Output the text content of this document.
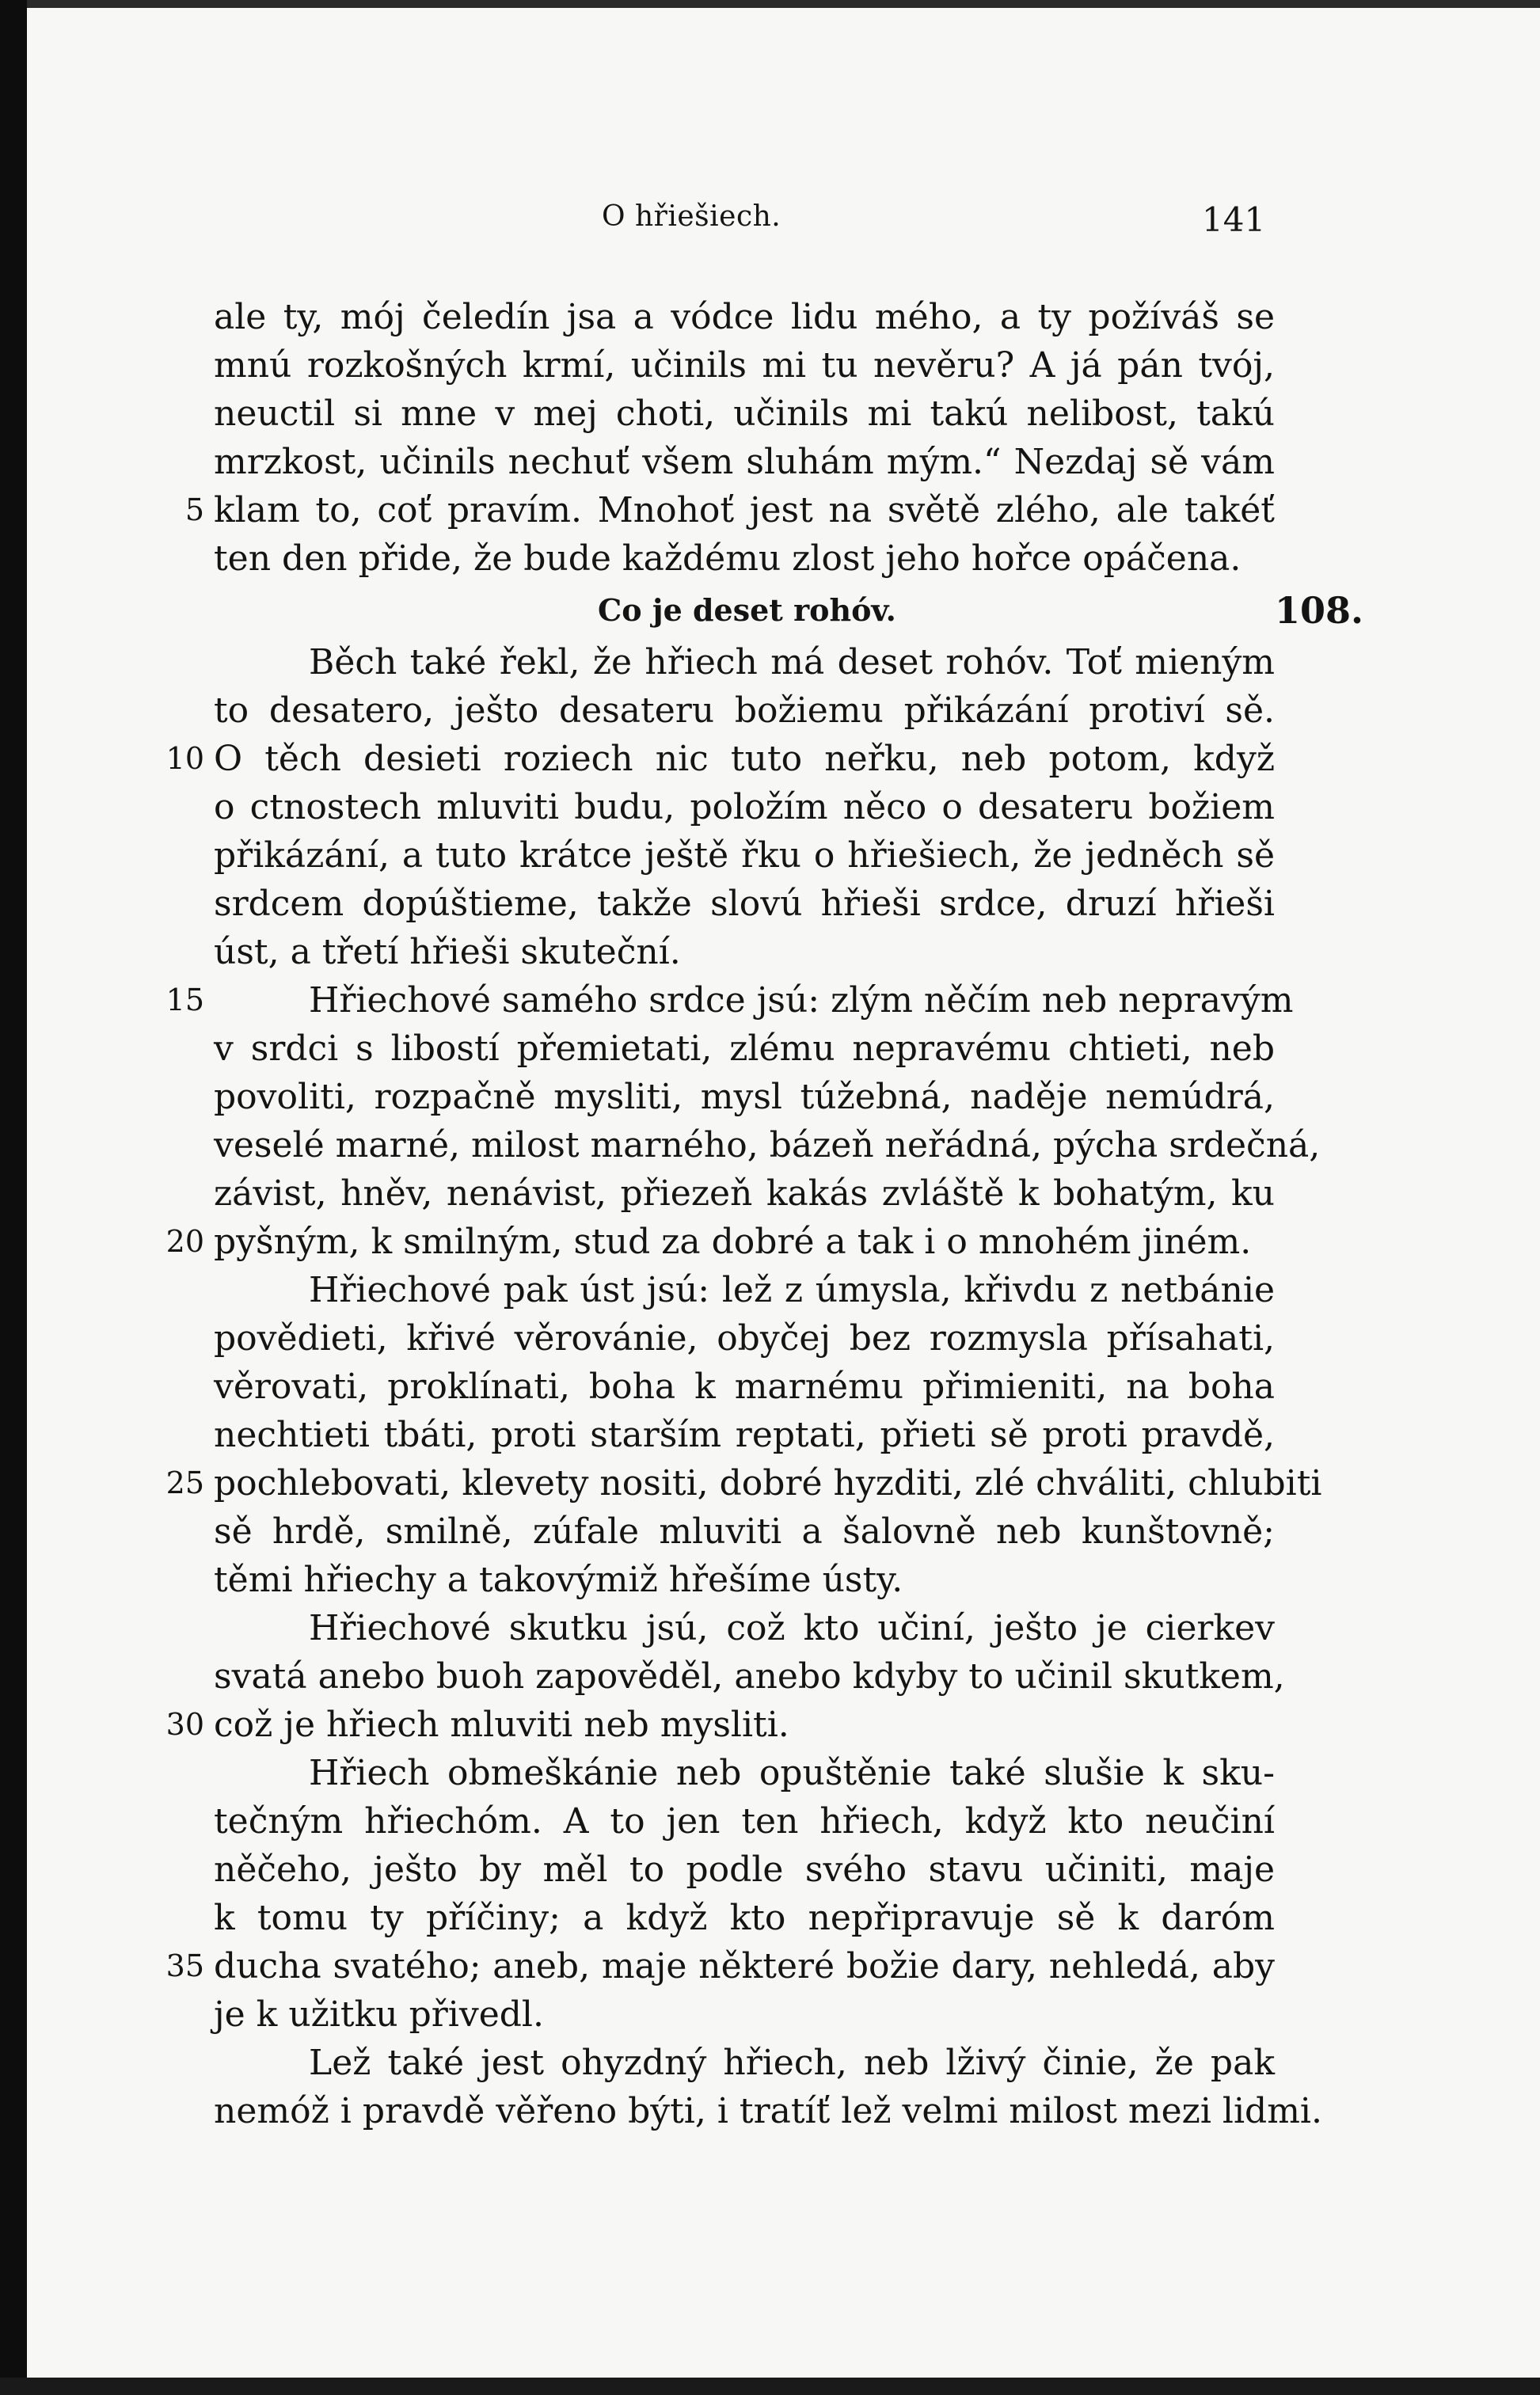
O hřiešiech.	141
ale ty, mój čeledín jsa a vódce lidu mého, a ty požíváš se
mnú rozkošných krmí, učinils mi tu nevěru? A já pán tvój,
neuctil si mne v mej choti, učinils mi takú nelibost, takú
mrzkost, učinils nechuť všem sluhám mým.“ Nezdaj sě vám
5 klam to, coť pravím. Mnohoť jest na světě zlého, ale takéť
ten den přide, že bude každému zlost jeho hořce opáčena.
Co je deset rohóv.	108.
Běch také řekl, že hřiech má deset rohóv. Toť mieným
to desatero, ješto desateru božiemu přikázání protiví sě.
10 O těch desieti roziech nic tuto neřku, neb potom, když
o ctnostech mluviti budu, položím něco o desateru božiem
přikázání, a tuto krátce ještě řku o hřiešiech, že jedněch sě
srdcem dopúštieme, takže slovú hřieši srdce, druzí hřieši
úst, a třetí hřieši skuteční.
15	Hřiechové samého srdce jsú: zlým něčím neb nepravým
v srdci s libostí přemietati, zlému nepravému chtieti, neb
povoliti, rozpačně mysliti, mysl túžebná, naděje nemúdrá,
veselé marné, milost marného, bázeň neřádná, pýcha srdečná,
závist, hněv, nenávist, přiezeň kakás zvláště k bohatým, ku
20 pyšným, k smilným, stud za dobré a tak i o mnohém jiném.
Hřiechové pak úst jsú: lež z úmysla, křivdu z netbánie
povědieti, křivé věrovánie, obyčej bez rozmysla přísahati,
věrovati, proklínati, boha k marnému přimieniti, na boha
nechtieti tbáti, proti starším reptati, přieti sě proti pravdě,
25 pochlebovati, klevety nositi, dobré hyzditi, zlé chváliti, chlubiti
sě hrdě, smilně, zúfale mluviti a šalovně neb kunštovně;
těmi hřiechy a takovýmiž hřešíme ústy.
Hřiechové skutku jsú, což kto učiní, ješto je cierkev
svatá anebo buoh zapověděl, anebo kdyby to učinil skutkem,
30 což je hřiech mluviti neb mysliti.
Hřiech obmeškánie neb opuštěnie také slušie k sku-
tečným hřiechóm. A to jen ten hřiech, když kto neučiní
něčeho, ješto by měl to podle svého stavu učiniti, maje
k tomu ty příčiny; a když kto nepřipravuje sě k daróm
35 ducha svatého; aneb, maje některé božie dary, nehledá, aby
je k užitku přivedl.
Lež také jest ohyzdný hřiech, neb lživý činie, že pak
nemóž i pravdě věřeno býti, i tratíť lež velmi milost mezi lidmi.
